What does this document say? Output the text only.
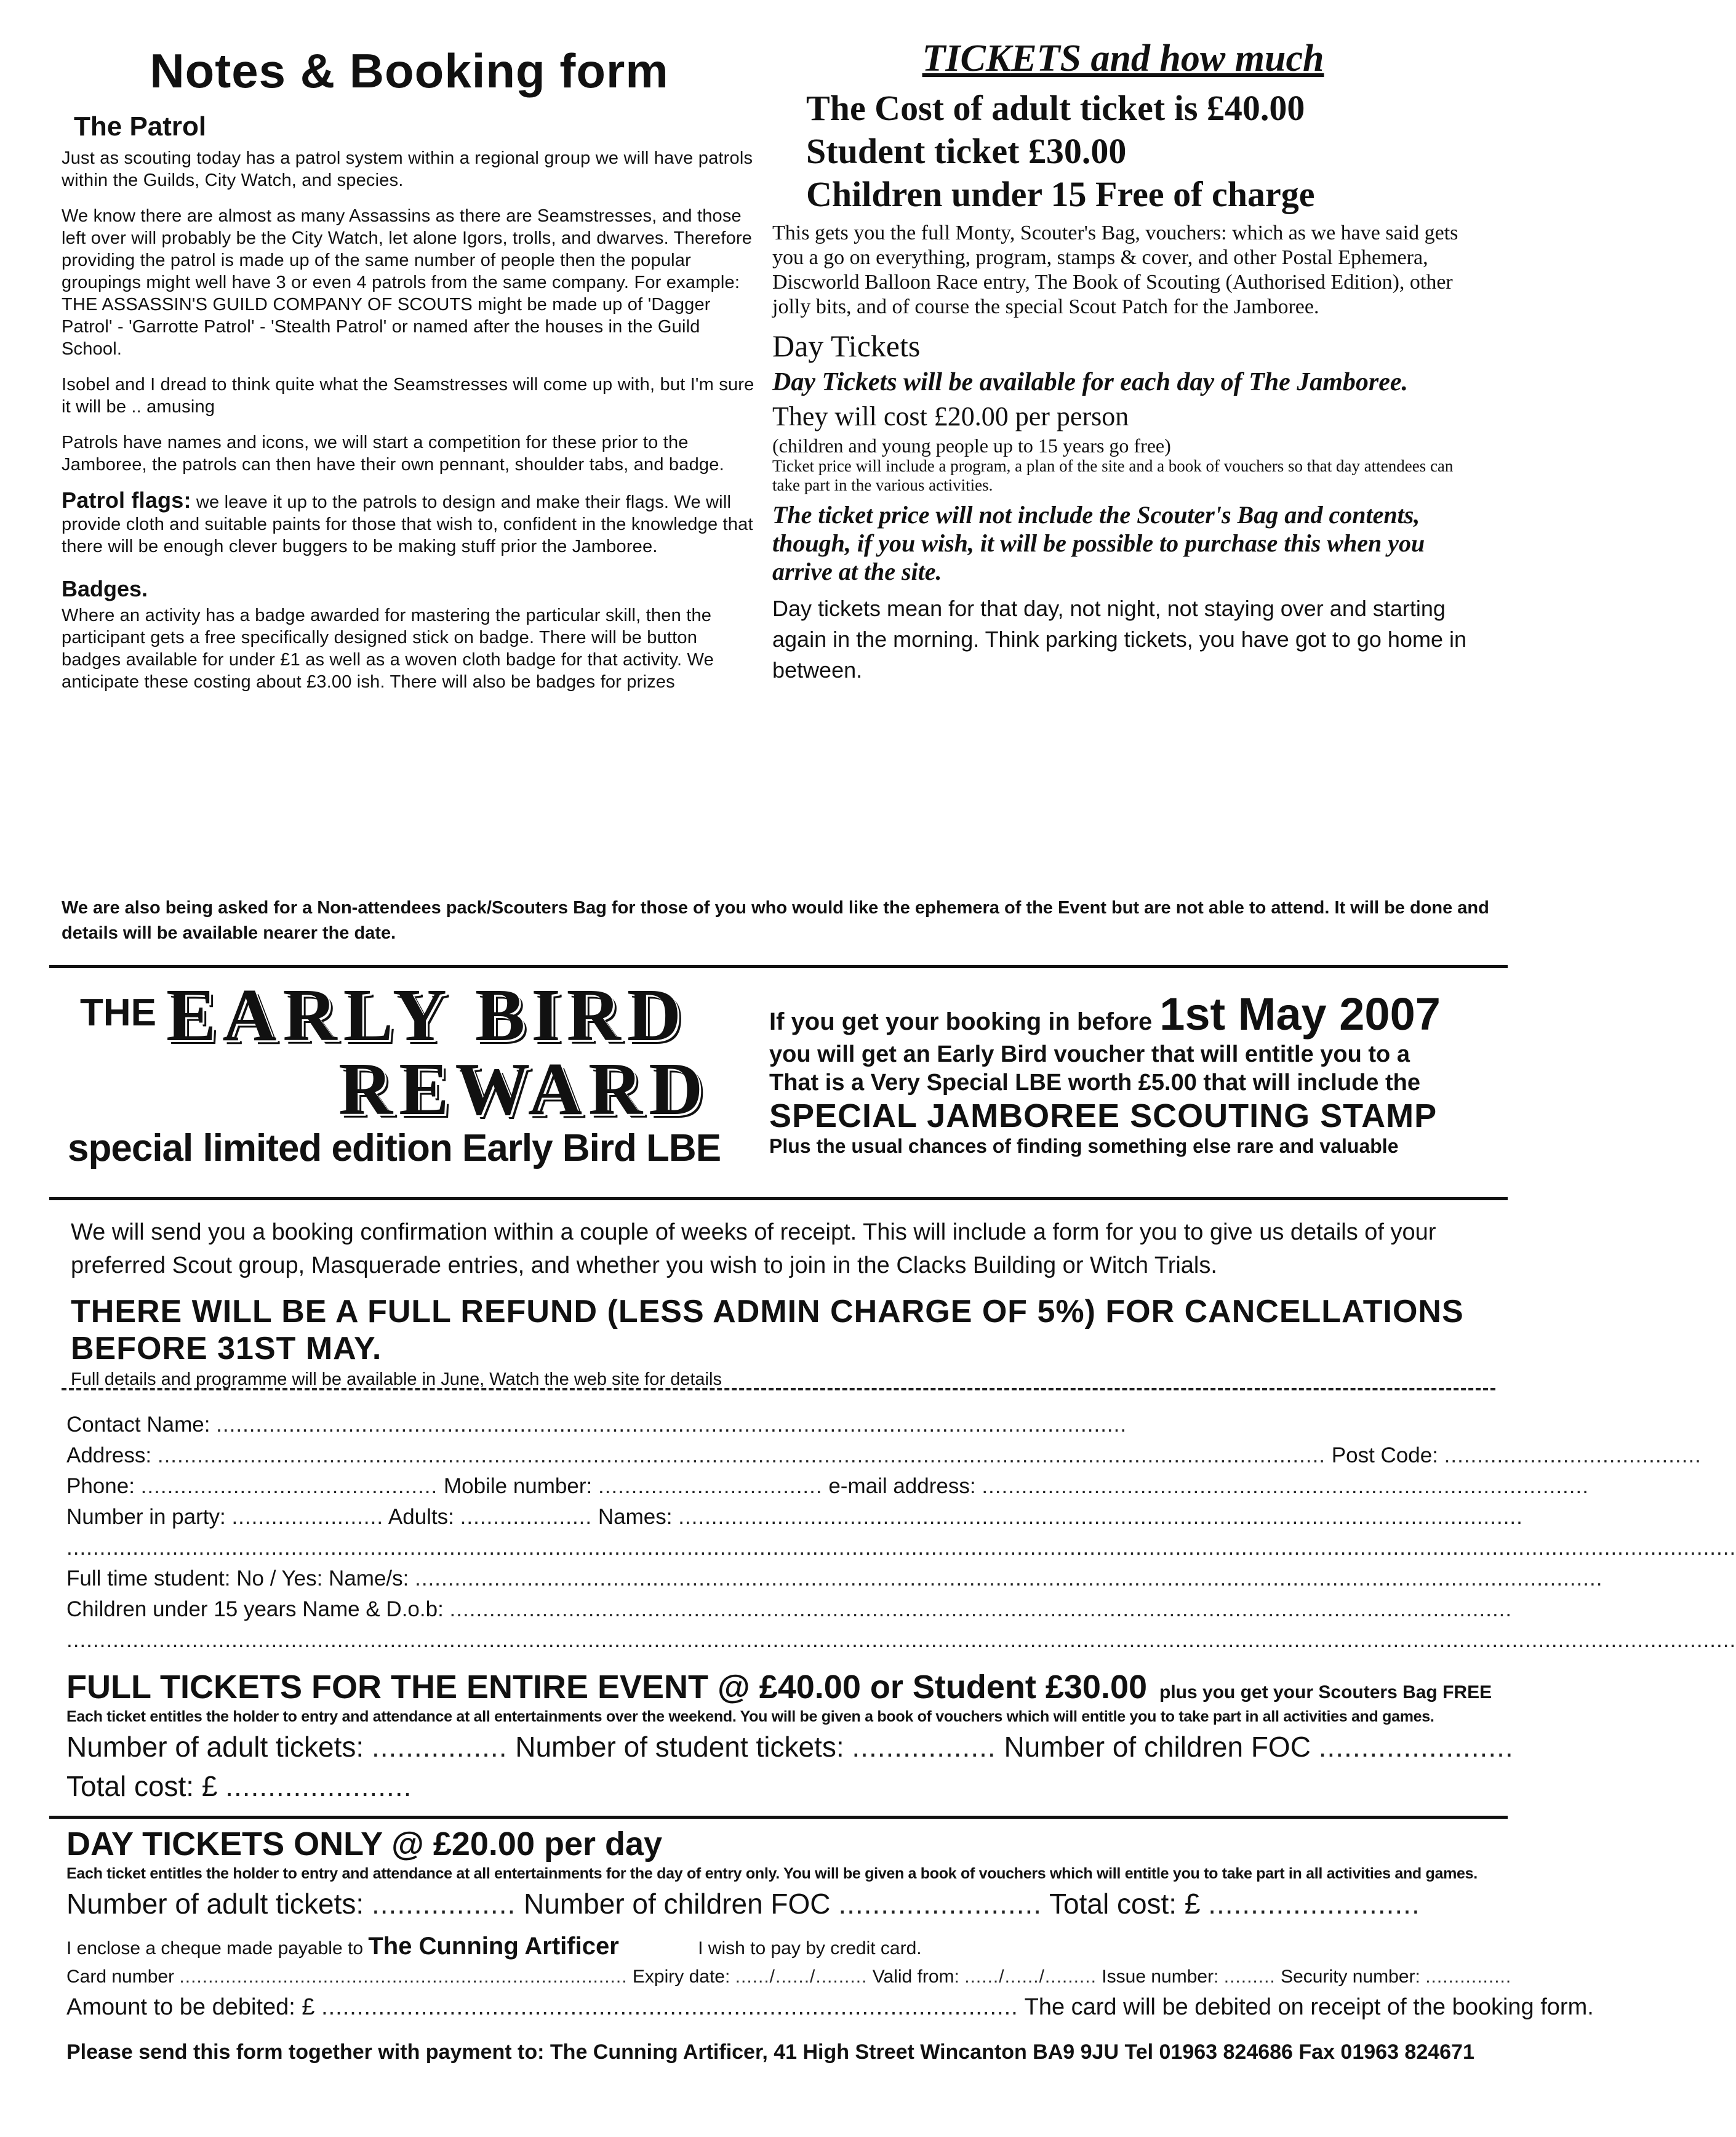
Notes & Booking form
The Patrol

Just as scouting today has a patrol system within a regional group we will have patrols within the Guilds, City Watch, and species.

We know there are almost as many Assassins as there are Seamstresses, and those left over will probably be the City Watch, let alone Igors, trolls, and dwarves. Therefore providing the patrol is made up of the same number of people then the popular groupings might well have 3 or even 4 patrols from the same company. For example: THE ASSASSIN'S GUILD COMPANY OF SCOUTS might be made up of 'Dagger Patrol' - 'Garrotte Patrol' - 'Stealth Patrol' or named after the houses in the Guild School.

Isobel and I dread to think quite what the Seamstresses will come up with, but I'm sure it will be .. amusing

Patrols have names and icons, we will start a competition for these prior to the Jamboree, the patrols can then have their own pennant, shoulder tabs, and badge.

Patrol flags: we leave it up to the patrols to design and make their flags. We will provide cloth and suitable paints for those that wish to, confident in the knowledge that there will be enough clever buggers to be making stuff prior the Jamboree.

Badges.

Where an activity has a badge awarded for mastering the particular skill, then the participant gets a free specifically designed stick on badge. There will be button badges available for under £1 as well as a woven cloth badge for that activity. We anticipate these costing about £3.00 ish. There will also be badges for prizes

TICKETS and how much
The Cost of adult ticket is £40.00
Student ticket £30.00
Children under 15 Free of charge

This gets you the full Monty, Scouter's Bag, vouchers: which as we have said gets you a go on everything, program, stamps & cover, and other Postal Ephemera, Discworld Balloon Race entry, The Book of Scouting (Authorised Edition), other jolly bits, and of course the special Scout Patch for the Jamboree.

Day Tickets

Day Tickets will be available for each day of The Jamboree.

They will cost £20.00 per person

(children and young people up to 15 years go free)

Ticket price will include a program, a plan of the site and a book of vouchers so that day attendees can take part in the various activities.

The ticket price will not include the Scouter's Bag and contents, though, if you wish, it will be possible to purchase this when you arrive at the site.

Day tickets mean for that day, not night, not staying over and starting again in the morning. Think parking tickets, you have got to go home in between.

We are also being asked for a Non-attendees pack/Scouters Bag for those of you who would like the ephemera of the Event but are not able to attend. It will be done and details will be available nearer the date.
THE EARLY BIRD
REWARD
special limited edition Early Bird LBE
If you get your booking in before 1st May 2007
you will get an Early Bird voucher that will entitle you to a
That is a Very Special LBE worth £5.00 that will include the
SPECIAL JAMBOREE SCOUTING STAMP
Plus the usual chances of finding something else rare and valuable

We will send you a booking confirmation within a couple of weeks of receipt. This will include a form for you to give us details of your preferred Scout group, Masquerade entries, and whether you wish to join in the Clacks Building or Witch Trials.

THERE WILL BE A FULL REFUND (LESS ADMIN CHARGE OF 5%) FOR CANCELLATIONS BEFORE 31ST MAY.

Full details and programme will be available in June, Watch the web site for details

Contact Name: ..........................................................................................................................................
Address: ................................................................................................................................................................................. Post Code: .......................................
Phone: ............................................. Mobile number: .................................. e-mail address: ............................................................................................
Number in party: ....................... Adults: .................... Names: ................................................................................................................................
.............................................................................................................................................................................................................................................................
Full time student: No / Yes: Name/s: ....................................................................................................................................................................................
Children under 15 years Name & D.o.b: .................................................................................................................................................................
.............................................................................................................................................................................................................................................................
FULL TICKETS FOR THE ENTIRE EVENT @ £40.00 or Student £30.00 plus you get your Scouters Bag FREE
Each ticket entitles the holder to entry and attendance at all entertainments over the weekend. You will be given a book of vouchers which will entitle you to take part in all activities and games.
Number of adult tickets: ................ Number of student tickets: ................. Number of children FOC .......................
Total cost: £ ......................
DAY TICKETS ONLY @ £20.00 per day
Each ticket entitles the holder to entry and attendance at all entertainments for the day of entry only. You will be given a book of vouchers which will entitle you to take part in all activities and games.
Number of adult tickets: ................. Number of children FOC ........................ Total cost: £ .........................
I enclose a cheque made payable to The Cunning Artificer	I wish to pay by credit card.
Card number .............................................................................. Expiry date: ....../....../......... Valid from: ....../....../......... Issue number: ......... Security number: ...............
Amount to be debited: £ .................................................................................................. The card will be debited on receipt of the booking form.
Please send this form together with payment to: The Cunning Artificer, 41 High Street Wincanton BA9 9JU Tel 01963 824686 Fax 01963 824671
